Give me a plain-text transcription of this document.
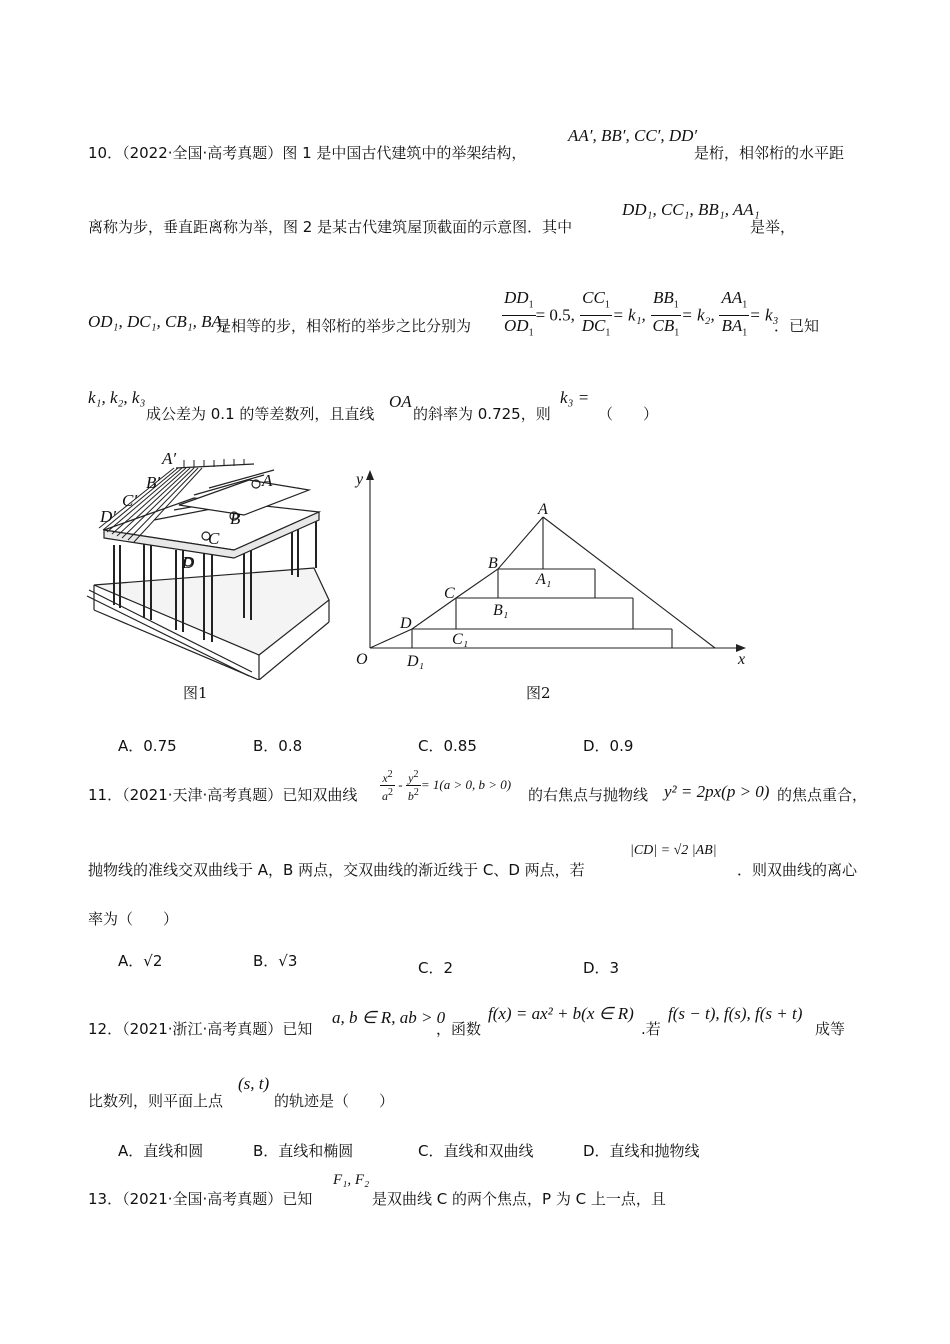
10．（2022·全国·高考真题）图 1 是中国古代建筑中的举架结构，
AA′, BB′, CC′, DD′
是桁，相邻桁的水平距
离称为步，垂直距离称为举，图 2 是某古代建筑屋顶截面的示意图．其中
DD₁, CC₁, BB₁, AA₁
是举，
OD₁, DC₁, CB₁, BA₁
是相等的步，相邻桁的举步之比分别为 $\frac{DD_1}{OD_1} = 0.5$, $\frac{CC_1}{DC_1} = k_1$, $\frac{BB_1}{CB_1} = k_2$, $\frac{AA_1}{BA_1} = k_3$
．已知
k₁, k₂, k₃
成公差为 0.1 的等差数列，且直线
OA
的斜率为 0.725，则
k₃ =
（　　）
A′
B′
C′
D′
A
B
C
D
图1
y
x
O
A
B
C
D
A₁
B₁
C₁
D₁
图2
A．0.75	B．0.8	C．0.85	D．0.9
11．（2021·天津·高考真题）已知双曲线 $\frac{x^2}{a^2} - \frac{y^2}{b^2} = 1(a > 0$, b > 0)
的右焦点与抛物线 y² = 2px(p > 0) 的焦点重合，
抛物线的准线交双曲线于 A，B 两点，交双曲线的渐近线于 C、D 两点，若
|CD| = √2 |AB|
．则双曲线的离心
率为（　　）
A．√2	B．√3	C．2	D．3
12．（2021·浙江·高考真题）已知
a, b ∈ R, ab > 0
，函数
f(x) = ax² + b(x ∈ R)
.若
f(s − t), f(s), f(s + t)
成等
比数列，则平面上点
(s, t)
的轨迹是（　　）
A．直线和圆	B．直线和椭圆	C．直线和双曲线	D．直线和抛物线
13．（2021·全国·高考真题）已知
F₁, F₂
是双曲线 C 的两个焦点，P 为 C 上一点，且
